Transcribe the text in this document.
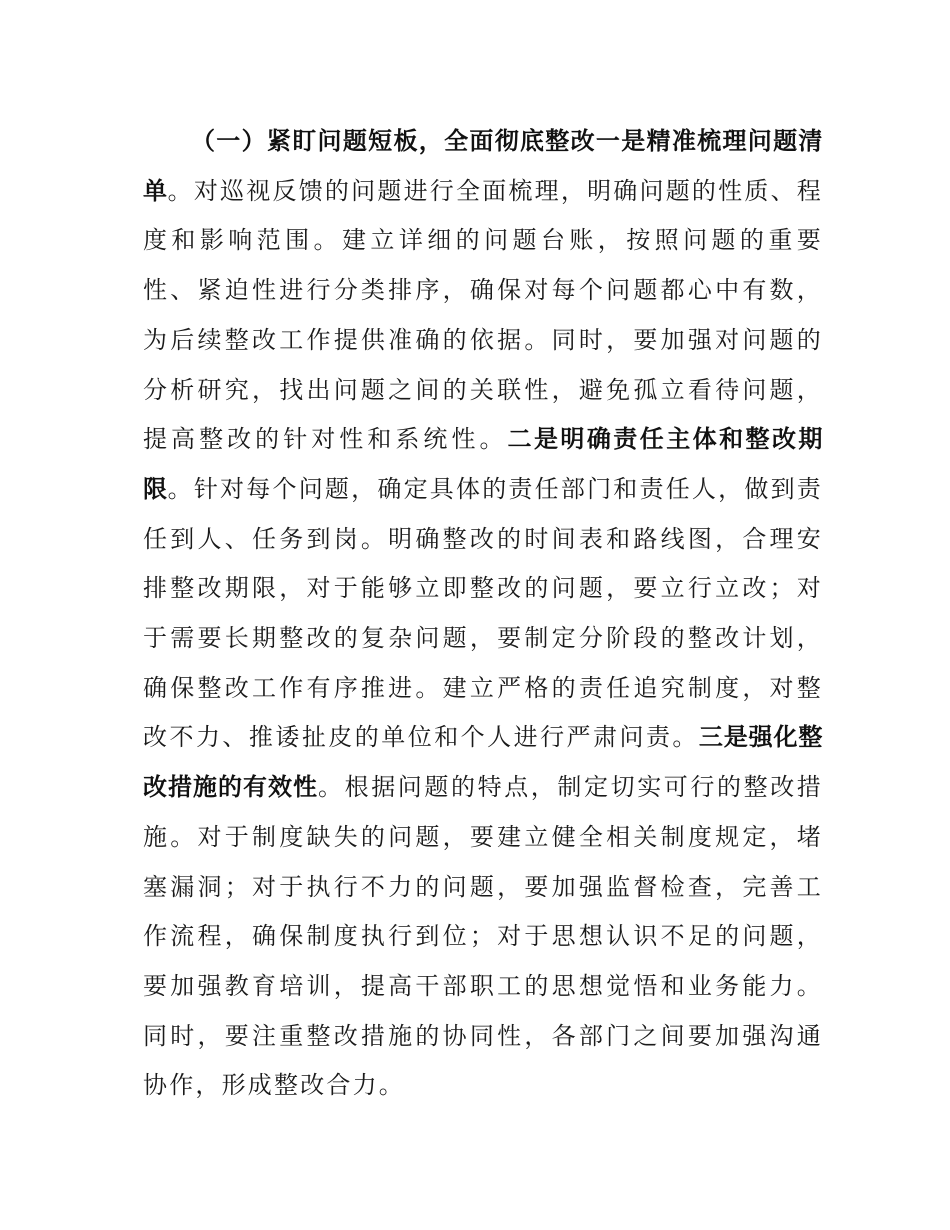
（一）紧盯问题短板，全面彻底整改一是精准梳理问题清单。对巡视反馈的问题进行全面梳理，明确问题的性质、程度和影响范围。建立详细的问题台账，按照问题的重要性、紧迫性进行分类排序，确保对每个问题都心中有数，为后续整改工作提供准确的依据。同时，要加强对问题的分析研究，找出问题之间的关联性，避免孤立看待问题，提高整改的针对性和系统性。二是明确责任主体和整改期限。针对每个问题，确定具体的责任部门和责任人，做到责任到人、任务到岗。明确整改的时间表和路线图，合理安排整改期限，对于能够立即整改的问题，要立行立改；对于需要长期整改的复杂问题，要制定分阶段的整改计划，确保整改工作有序推进。建立严格的责任追究制度，对整改不力、推诿扯皮的单位和个人进行严肃问责。三是强化整改措施的有效性。根据问题的特点，制定切实可行的整改措施。对于制度缺失的问题，要建立健全相关制度规定，堵塞漏洞；对于执行不力的问题，要加强监督检查，完善工作流程，确保制度执行到位；对于思想认识不足的问题，要加强教育培训，提高干部职工的思想觉悟和业务能力。同时，要注重整改措施的协同性，各部门之间要加强沟通协作，形成整改合力。
